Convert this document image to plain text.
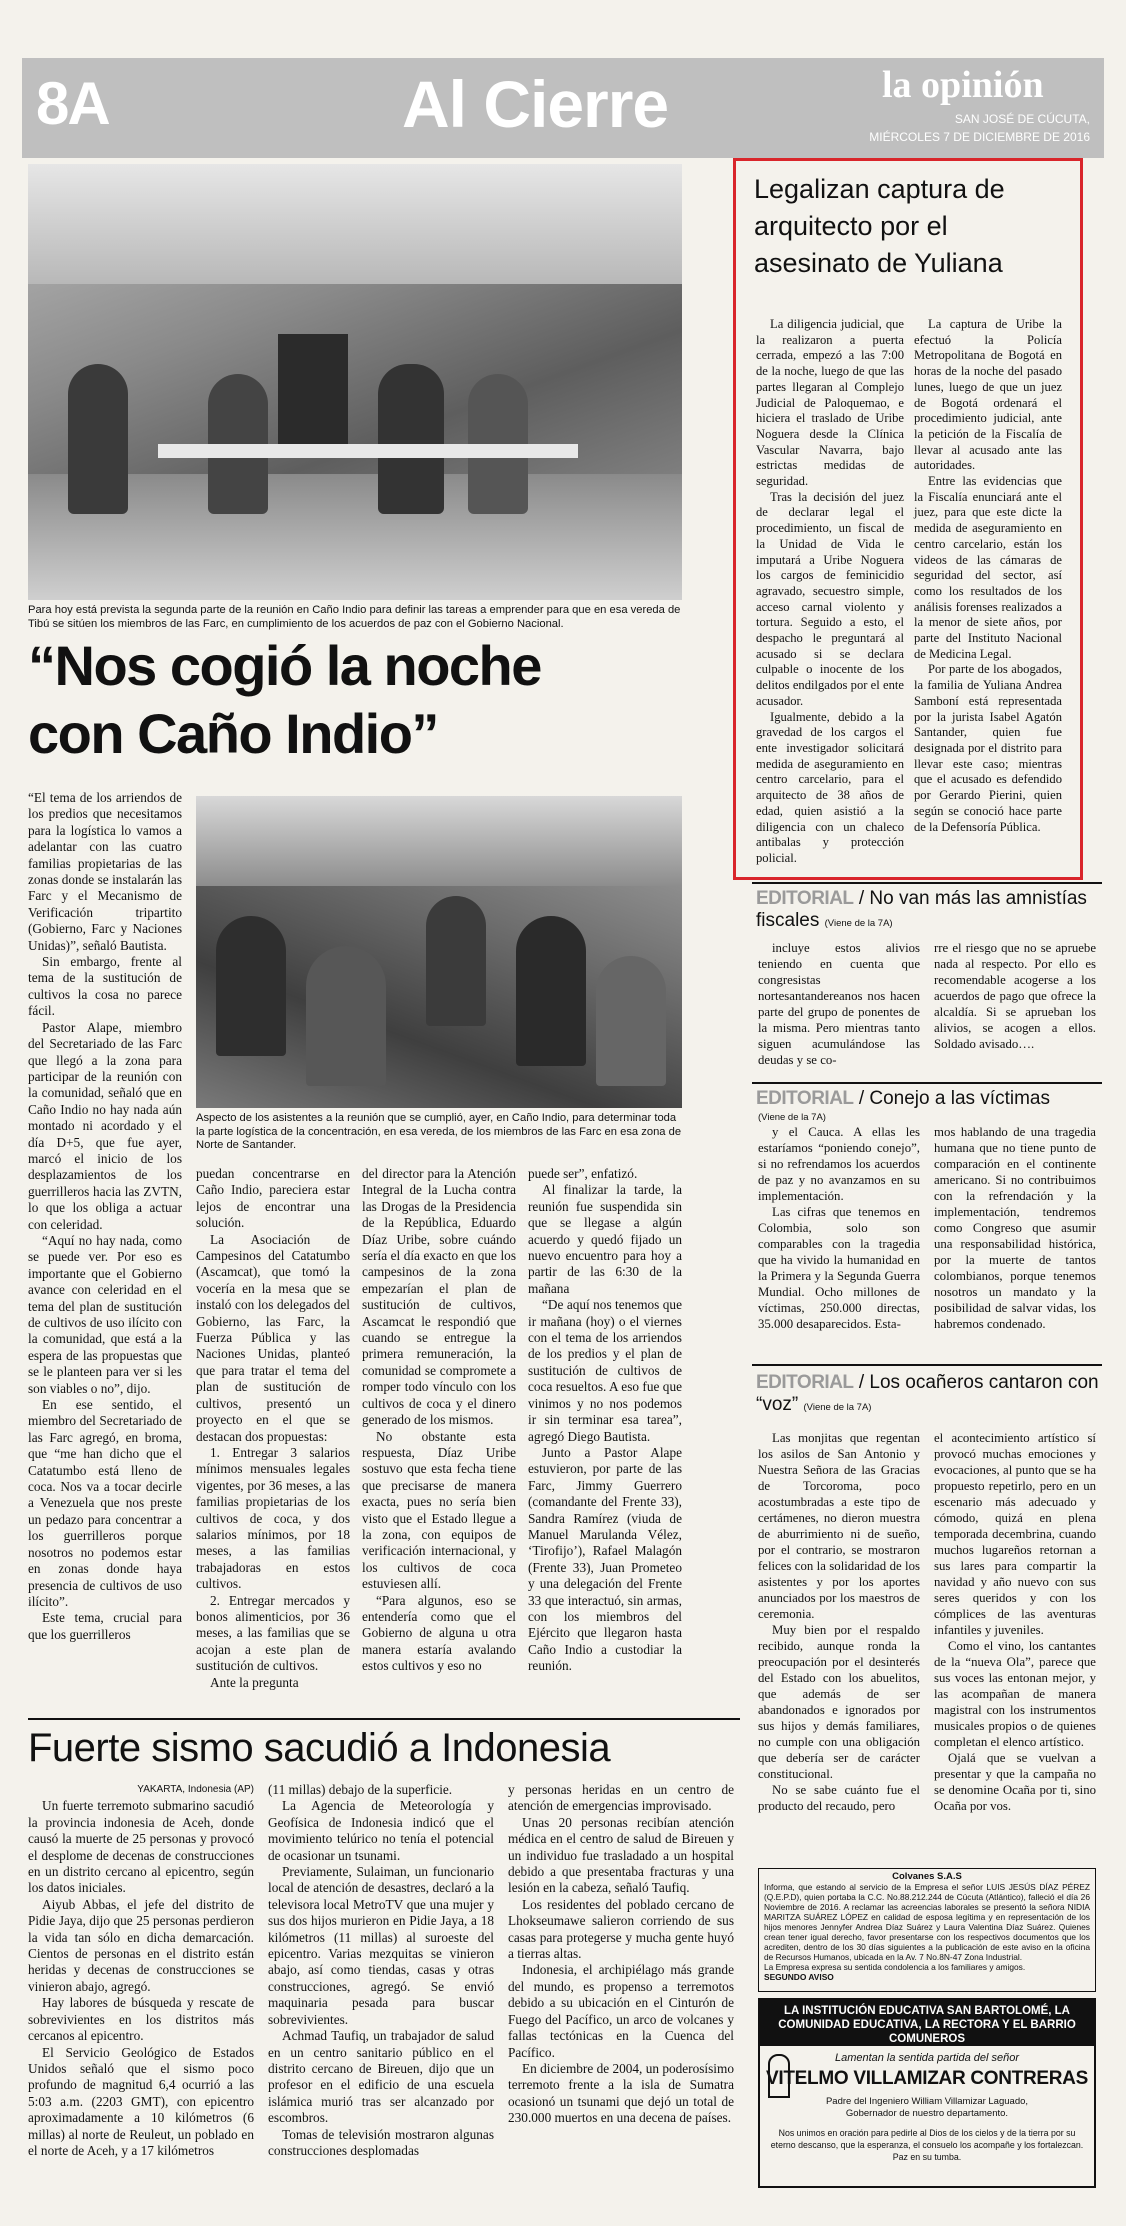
8A	Al Cierre	la opinión
SAN JOSÉ DE CÚCUTA,
MIÉRCOLES 7 DE DICIEMBRE DE 2016
Para hoy está prevista la segunda parte de la reunión en Caño Indio para definir las tareas a emprender para que en esa vereda de Tibú se sitúen los miembros de las Farc, en cumplimiento de los acuerdos de paz con el Gobierno Nacional.
“Nos cogió la noche
con Caño Indio”

“El tema de los arriendos de los predios que necesitamos para la logística lo vamos a adelantar con las cuatro familias propietarias de las zonas donde se instalarán las Farc y el Mecanismo de Verificación tripartito (Gobierno, Farc y Naciones Unidas)”, señaló Bautista.

Sin embargo, frente al tema de la sustitución de cultivos la cosa no parece fácil.

Pastor Alape, miembro del Secretariado de las Farc que llegó a la zona para participar de la reunión con la comunidad, señaló que en Caño Indio no hay nada aún montado ni acordado y el día D+5, que fue ayer, marcó el inicio de los desplazamientos de los guerrilleros hacia las ZVTN, lo que los obliga a actuar con celeridad.

“Aquí no hay nada, como se puede ver. Por eso es importante que el Gobierno avance con celeridad en el tema del plan de sustitución de cultivos de uso ilícito con la comunidad, que está a la espera de las propuestas que se le planteen para ver si les son viables o no”, dijo.

En ese sentido, el miembro del Secretariado de las Farc agregó, en broma, que “me han dicho que el Catatumbo está lleno de coca. Nos va a tocar decirle a Venezuela que nos preste un pedazo para concentrar a los guerrilleros porque nosotros no podemos estar en zonas donde haya presencia de cultivos de uso ilícito”.

Este tema, crucial para que los guerrilleros

Aspecto de los asistentes a la reunión que se cumplió, ayer, en Caño Indio, para determinar toda la parte logística de la concentración, en esa vereda, de los miembros de las Farc en esa zona de Norte de Santander.

puedan concentrarse en Caño Indio, pareciera estar lejos de encontrar una solución.

La Asociación de Campesinos del Catatumbo (Ascamcat), que tomó la vocería en la mesa que se instaló con los delegados del Gobierno, las Farc, la Fuerza Pública y las Naciones Unidas, planteó que para tratar el tema del plan de sustitución de cultivos, presentó un proyecto en el que se destacan dos propuestas:

1. Entregar 3 salarios mínimos mensuales legales vigentes, por 36 meses, a las familias propietarias de los cultivos de coca, y dos salarios mínimos, por 18 meses, a las familias trabajadoras en estos cultivos.

2. Entregar mercados y bonos alimenticios, por 36 meses, a las familias que se acojan a este plan de sustitución de cultivos.

Ante la pregunta

del director para la Atención Integral de la Lucha contra las Drogas de la Presidencia de la República, Eduardo Díaz Uribe, sobre cuándo sería el día exacto en que los campesinos de la zona empezarían el plan de sustitución de cultivos, Ascamcat le respondió que cuando se entregue la primera remuneración, la comunidad se compromete a romper todo vínculo con los cultivos de coca y el dinero generado de los mismos.

No obstante esta respuesta, Díaz Uribe sostuvo que esta fecha tiene que precisarse de manera exacta, pues no sería bien visto que el Estado llegue a la zona, con equipos de verificación internacional, y los cultivos de coca estuviesen allí.

“Para algunos, eso se entendería como que el Gobierno de alguna u otra manera estaría avalando estos cultivos y eso no

puede ser”, enfatizó.

Al finalizar la tarde, la reunión fue suspendida sin que se llegase a algún acuerdo y quedó fijado un nuevo encuentro para hoy a partir de las 6:30 de la mañana

“De aquí nos tenemos que ir mañana (hoy) o el viernes con el tema de los arriendos de los predios y el plan de sustitución de cultivos de coca resueltos. A eso fue que vinimos y no nos podemos ir sin terminar esa tarea”, agregó Diego Bautista.

Junto a Pastor Alape estuvieron, por parte de las Farc, Jimmy Guerrero (comandante del Frente 33), Sandra Ramírez (viuda de Manuel Marulanda Vélez, ‘Tirofijo’), Rafael Malagón (Frente 33), Juan Prometeo y una delegación del Frente 33 que interactuó, sin armas, con los miembros del Ejército que llegaron hasta Caño Indio a custodiar la reunión.

Legalizan captura de arquitecto por el asesinato de Yuliana

La diligencia judicial, que la realizaron a puerta cerrada, empezó a las 7:00 de la noche, luego de que las partes llegaran al Complejo Judicial de Paloquemao, e hiciera el traslado de Uribe Noguera desde la Clínica Vascular Navarra, bajo estrictas medidas de seguridad.

Tras la decisión del juez de declarar legal el procedimiento, un fiscal de la Unidad de Vida le imputará a Uribe Noguera los cargos de feminicidio agravado, secuestro simple, acceso carnal violento y tortura. Seguido a esto, el despacho le preguntará al acusado si se declara culpable o inocente de los delitos endilgados por el ente acusador.

Igualmente, debido a la gravedad de los cargos el ente investigador solicitará medida de aseguramiento en centro carcelario, para el arquitecto de 38 años de edad, quien asistió a la diligencia con un chaleco antibalas y protección policial.

La captura de Uribe la efectuó la Policía Metropolitana de Bogotá en horas de la noche del pasado lunes, luego de que un juez de Bogotá ordenará el procedimiento judicial, ante la petición de la Fiscalía de llevar al acusado ante las autoridades.

Entre las evidencias que la Fiscalía enunciará ante el juez, para que este dicte la medida de aseguramiento en centro carcelario, están los videos de las cámaras de seguridad del sector, así como los resultados de los análisis forenses realizados a la menor de siete años, por parte del Instituto Nacional de Medicina Legal.

Por parte de los abogados, la familia de Yuliana Andrea Samboní está representada por la jurista Isabel Agatón Santander, quien fue designada por el distrito para llevar este caso; mientras que el acusado es defendido por Gerardo Pierini, quien según se conoció hace parte de la Defensoría Pública.

EDITORIAL / No van más las amnistías
fiscales (Viene de la 7A)

incluye estos alivios teniendo en cuenta que congresistas nortesantandereanos nos hacen parte del grupo de ponentes de la misma. Pero mientras tanto siguen acumulándose las deudas y se co-

rre el riesgo que no se apruebe nada al respecto. Por ello es recomendable acogerse a los acuerdos de pago que ofrece la alcaldía. Si se aprueban los alivios, se acogen a ellos. Soldado avisado….

EDITORIAL / Conejo a las víctimas
(Viene de la 7A)

y el Cauca. A ellas les estaríamos “poniendo conejo”, si no refrendamos los acuerdos de paz y no avanzamos en su implementación.

Las cifras que tenemos en Colombia, solo son comparables con la tragedia que ha vivido la humanidad en la Primera y la Segunda Guerra Mundial. Ocho millones de víctimas, 250.000 directas, 35.000 desaparecidos. Esta-

mos hablando de una tragedia humana que no tiene punto de comparación en el continente americano. Si no contribuimos con la refrendación y la implementación, tendremos como Congreso que asumir una responsabilidad histórica, por la muerte de tantos colombianos, porque tenemos nosotros un mandato y la posibilidad de salvar vidas, los habremos condenado.

EDITORIAL / Los ocañeros cantaron con
“voz” (Viene de la 7A)

Las monjitas que regentan los asilos de San Antonio y Nuestra Señora de las Gracias de Torcoroma, poco acostumbradas a este tipo de certámenes, no dieron muestra de aburrimiento ni de sueño, por el contrario, se mostraron felices con la solidaridad de los asistentes y por los aportes anunciados por los maestros de ceremonia.

Muy bien por el respaldo recibido, aunque ronda la preocupación por el desinterés del Estado con los abuelitos, que además de ser abandonados e ignorados por sus hijos y demás familiares, no cumple con una obligación que debería ser de carácter constitucional.

No se sabe cuánto fue el producto del recaudo, pero

el acontecimiento artístico sí provocó muchas emociones y evocaciones, al punto que se ha propuesto repetirlo, pero en un escenario más adecuado y cómodo, quizá en plena temporada decembrina, cuando muchos lugareños retornan a sus lares para compartir la navidad y año nuevo con sus seres queridos y con los cómplices de las aventuras infantiles y juveniles.

Como el vino, los cantantes de la “nueva Ola”, parece que sus voces las entonan mejor, y las acompañan de manera magistral con los instrumentos musicales propios o de quienes completan el elenco artístico.

Ojalá que se vuelvan a presentar y que la campaña no se denomine Ocaña por ti, sino Ocaña por vos.

Fuerte sismo sacudió a Indonesia

YAKARTA, Indonesia (AP)

Un fuerte terremoto submarino sacudió la provincia indonesia de Aceh, donde causó la muerte de 25 personas y provocó el desplome de decenas de construcciones en un distrito cercano al epicentro, según los datos iniciales.

Aiyub Abbas, el jefe del distrito de Pidie Jaya, dijo que 25 personas perdieron la vida tan sólo en dicha demarcación. Cientos de personas en el distrito están heridas y decenas de construcciones se vinieron abajo, agregó.

Hay labores de búsqueda y rescate de sobrevivientes en los distritos más cercanos al epicentro.

El Servicio Geológico de Estados Unidos señaló que el sismo poco profundo de magnitud 6,4 ocurrió a las 5:03 a.m. (2203 GMT), con epicentro aproximadamente a 10 kilómetros (6 millas) al norte de Reuleut, un poblado en el norte de Aceh, y a 17 kilómetros

(11 millas) debajo de la superficie.

La Agencia de Meteorología y Geofísica de Indonesia indicó que el movimiento telúrico no tenía el potencial de ocasionar un tsunami.

Previamente, Sulaiman, un funcionario local de atención de desastres, declaró a la televisora local MetroTV que una mujer y sus dos hijos murieron en Pidie Jaya, a 18 kilómetros (11 millas) al suroeste del epicentro. Varias mezquitas se vinieron abajo, así como tiendas, casas y otras construcciones, agregó. Se envió maquinaria pesada para buscar sobrevivientes.

Achmad Taufiq, un trabajador de salud en un centro sanitario público en el distrito cercano de Bireuen, dijo que un profesor en el edificio de una escuela islámica murió tras ser alcanzado por escombros.

Tomas de televisión mostraron algunas construcciones desplomadas

y personas heridas en un centro de atención de emergencias improvisado.

Unas 20 personas recibían atención médica en el centro de salud de Bireuen y un individuo fue trasladado a un hospital debido a que presentaba fracturas y una lesión en la cabeza, señaló Taufiq.

Los residentes del poblado cercano de Lhokseumawe salieron corriendo de sus casas para protegerse y mucha gente huyó a tierras altas.

Indonesia, el archipiélago más grande del mundo, es propenso a terremotos debido a su ubicación en el Cinturón de Fuego del Pacífico, un arco de volcanes y fallas tectónicas en la Cuenca del Pacífico.

En diciembre de 2004, un poderosísimo terremoto frente a la isla de Sumatra ocasionó un tsunami que dejó un total de 230.000 muertos en una decena de países.

Colvanes S.A.S
Informa, que estando al servicio de la Empresa el señor LUIS JESÚS DÍAZ PÉREZ (Q.E.P.D), quien portaba la C.C. No.88.212.244 de Cúcuta (Atlántico), falleció el día 26 Noviembre de 2016. A reclamar las acreencias laborales se presentó la señora NIDIA MARITZA SUÁREZ LÓPEZ en calidad de esposa legítima y en representación de los hijos menores Jennyfer Andrea Díaz Suárez y Laura Valentina Díaz Suárez. Quienes crean tener igual derecho, favor presentarse con los respectivos documentos que los acrediten, dentro de los 30 días siguientes a la publicación de este aviso en la oficina de Recursos Humanos, ubicada en la Av. 7 No.8N-47 Zona Industrial.
La Empresa expresa su sentida condolencia a los familiares y amigos.
SEGUNDO AVISO
LA INSTITUCIÓN EDUCATIVA SAN BARTOLOMÉ, LA
COMUNIDAD EDUCATIVA, LA RECTORA Y EL BARRIO
COMUNEROS
Lamentan la sentida partida del señor
VITELMO VILLAMIZAR CONTRERAS
Padre del Ingeniero William Villamizar Laguado,
Gobernador de nuestro departamento.
Nos unimos en oración para pedirle al Dios de los cielos y de la tierra por su
eterno descanso, que la esperanza, el consuelo los acompañe y los fortalezcan.
Paz en su tumba.
